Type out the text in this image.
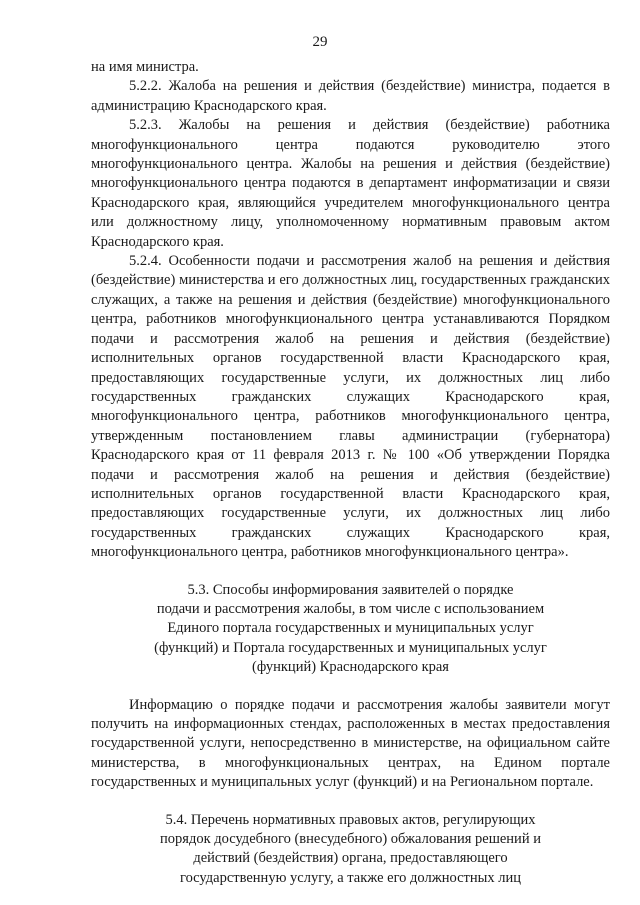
29

на имя министра.

5.2.2. Жалоба на решения и действия (бездействие) министра, подается в администрацию Краснодарского края.

5.2.3. Жалобы на решения и действия (бездействие) работника многофункционального центра подаются руководителю этого многофункционального центра. Жалобы на решения и действия (бездействие) многофункционального центра подаются в департамент информатизации и связи Краснодарского края, являющийся учредителем многофункционального центра или должностному лицу, уполномоченному нормативным правовым актом Краснодарского края.

5.2.4. Особенности подачи и рассмотрения жалоб на решения и действия (бездействие) министерства и его должностных лиц, государственных гражданских служащих, а также на решения и действия (бездействие) многофункционального центра, работников многофункционального центра устанавливаются Порядком подачи и рассмотрения жалоб на решения и действия (бездействие) исполнительных органов государственной власти Краснодарского края, предоставляющих государственные услуги, их должностных лиц либо государственных гражданских служащих Краснодарского края, многофункционального центра, работников многофункционального центра, утвержденным постановлением главы администрации (губернатора) Краснодарского края от 11 февраля 2013 г. № 100 «Об утверждении Порядка подачи и рассмотрения жалоб на решения и действия (бездействие) исполнительных органов государственной власти Краснодарского края, предоставляющих государственные услуги, их должностных лиц либо государственных гражданских служащих Краснодарского края, многофункционального центра, работников многофункционального центра».

5.3. Способы информирования заявителей о порядке
подачи и рассмотрения жалобы, в том числе с использованием
Единого портала государственных и муниципальных услуг
(функций) и Портала государственных и муниципальных услуг
(функций) Краснодарского края

Информацию о порядке подачи и рассмотрения жалобы заявители могут получить на информационных стендах, расположенных в местах предоставления государственной услуги, непосредственно в министерстве, на официальном сайте министерства, в многофункциональных центрах, на Едином портале государственных и муниципальных услуг (функций) и на Региональном портале.

5.4. Перечень нормативных правовых актов, регулирующих
порядок досудебного (внесудебного) обжалования решений и
действий (бездействия) органа, предоставляющего
государственную услугу, а также его должностных лиц
